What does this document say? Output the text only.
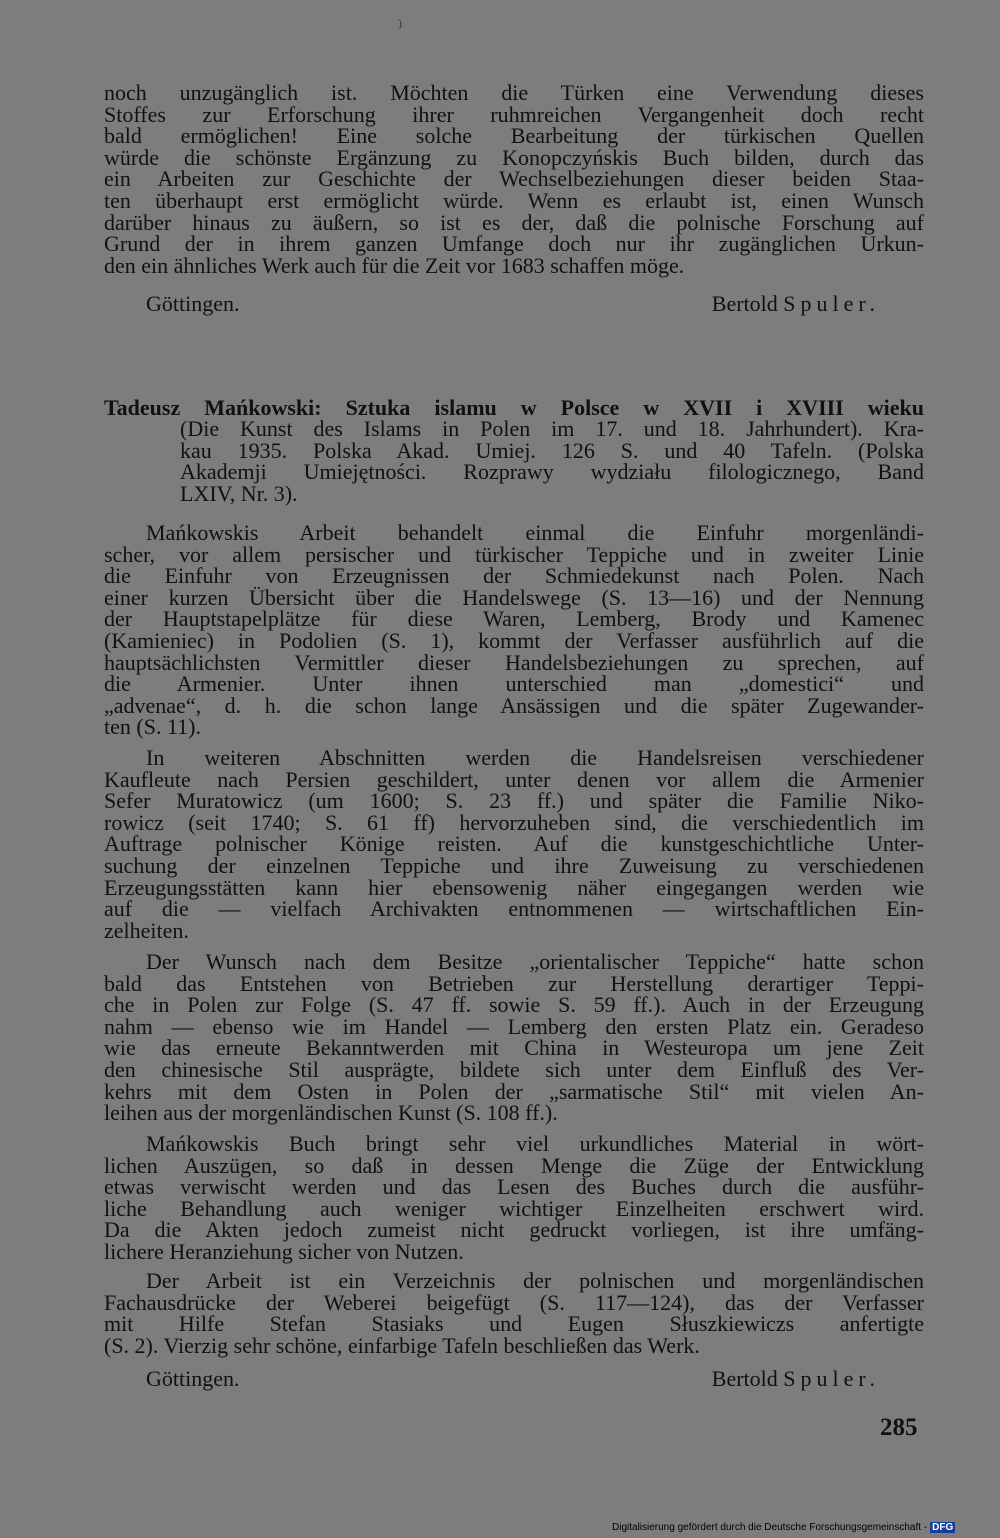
)
noch unzugänglich ist. Möchten die Türken eine Verwendung dieses
Stoffes zur Erforschung ihrer ruhmreichen Vergangenheit doch recht
bald ermöglichen! Eine solche Bearbeitung der türkischen Quellen
würde die schönste Ergänzung zu Konopczyńskis Buch bilden, durch das
ein Arbeiten zur Geschichte der Wechselbeziehungen dieser beiden Staa-
ten überhaupt erst ermöglicht würde. Wenn es erlaubt ist, einen Wunsch
darüber hinaus zu äußern, so ist es der, daß die polnische Forschung auf
Grund der in ihrem ganzen Umfange doch nur ihr zugänglichen Urkun-
den ein ähnliches Werk auch für die Zeit vor 1683 schaffen möge.
Göttingen.	Bertold Spuler.
Tadeusz Mańkowski: Sztuka islamu w Polsce w XVII i XVIII wieku
(Die Kunst des Islams in Polen im 17. und 18. Jahrhundert). Kra-
kau 1935. Polska Akad. Umiej. 126 S. und 40 Tafeln. (Polska
Akademji Umiejętności. Rozprawy wydziału filologicznego, Band
LXIV, Nr. 3).
Mańkowskis Arbeit behandelt einmal die Einfuhr morgenländi-
scher, vor allem persischer und türkischer Teppiche und in zweiter Linie
die Einfuhr von Erzeugnissen der Schmiedekunst nach Polen. Nach
einer kurzen Übersicht über die Handelswege (S. 13—16) und der Nennung
der Hauptstapelplätze für diese Waren, Lemberg, Brody und Kamenec
(Kamieniec) in Podolien (S. 1), kommt der Verfasser ausführlich auf die
hauptsächlichsten Vermittler dieser Handelsbeziehungen zu sprechen, auf
die Armenier. Unter ihnen unterschied man „domestici“ und
„advenae“, d. h. die schon lange Ansässigen und die später Zugewander-
ten (S. 11).
In weiteren Abschnitten werden die Handelsreisen verschiedener
Kaufleute nach Persien geschildert, unter denen vor allem die Armenier
Sefer Muratowicz (um 1600; S. 23 ff.) und später die Familie Niko-
rowicz (seit 1740; S. 61 ff) hervorzuheben sind, die verschiedentlich im
Auftrage polnischer Könige reisten. Auf die kunstgeschichtliche Unter-
suchung der einzelnen Teppiche und ihre Zuweisung zu verschiedenen
Erzeugungsstätten kann hier ebensowenig näher eingegangen werden wie
auf die — vielfach Archivakten entnommenen — wirtschaftlichen Ein-
zelheiten.
Der Wunsch nach dem Besitze „orientalischer Teppiche“ hatte schon
bald das Entstehen von Betrieben zur Herstellung derartiger Teppi-
che in Polen zur Folge (S. 47 ff. sowie S. 59 ff.). Auch in der Erzeugung
nahm — ebenso wie im Handel — Lemberg den ersten Platz ein. Geradeso
wie das erneute Bekanntwerden mit China in Westeuropa um jene Zeit
den chinesische Stil ausprägte, bildete sich unter dem Einfluß des Ver-
kehrs mit dem Osten in Polen der „sarmatische Stil“ mit vielen An-
leihen aus der morgenländischen Kunst (S. 108 ff.).
Mańkowskis Buch bringt sehr viel urkundliches Material in wört-
lichen Auszügen, so daß in dessen Menge die Züge der Entwicklung
etwas verwischt werden und das Lesen des Buches durch die ausführ-
liche Behandlung auch weniger wichtiger Einzelheiten erschwert wird.
Da die Akten jedoch zumeist nicht gedruckt vorliegen, ist ihre umfäng-
lichere Heranziehung sicher von Nutzen.
Der Arbeit ist ein Verzeichnis der polnischen und morgenländischen
Fachausdrücke der Weberei beigefügt (S. 117—124), das der Verfasser
mit Hilfe Stefan Stasiaks und Eugen Słuszkiewiczs anfertigte
(S. 2). Vierzig sehr schöne, einfarbige Tafeln beschließen das Werk.
Göttingen.	Bertold Spuler.
285
Digitalisierung gefördert durch die Deutsche Forschungsgemeinschaft - DFG
